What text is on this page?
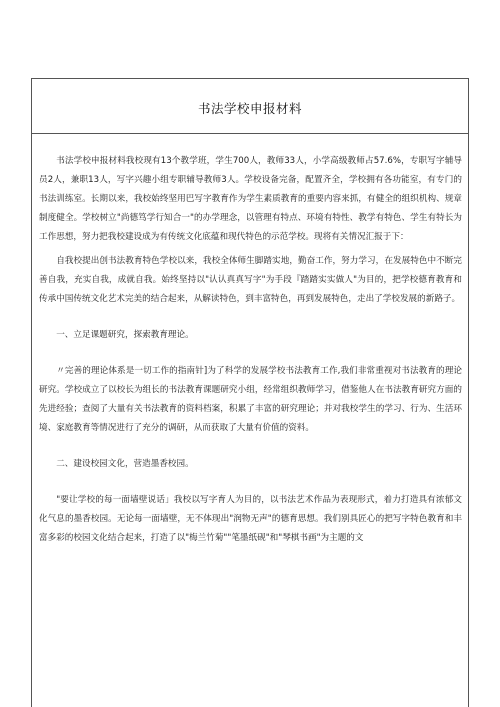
书法学校申报材料

书法学校申报材料我校现有13个教学班，学生700人，教师33人，小学高级教师占57.6%，专职写字辅导员2人，兼职13人，写字兴趣小组专职辅导教师3人。学校设备完备，配置齐全，学校拥有各功能室，有专门的书法训练室。长期以来，我校始终坚用巴写字教育作为学生素质教育的重要内容来抓，有健全的组织机构、规章制度健全。学校树立"尚德笃学行知合一"的办学理念，以管理有特点、环境有特性、教学有特色、学生有特长为工作思想，努力把我校建设成为有传统文化底蕴和现代特色的示范学校。现将有关情况汇报于下：

自我校提出创书法教育特色学校以来，我校全体师生脚踏实地，勤奋工作，努力学习，在发展特色中不断完善自我，充实自我，成就自我。始终坚持以"认认真真写字"为手段『踏踏实实做人"为目的，把学校德育教育和传承中国传统文化艺术完美的结合起来，从解读特色，到丰富特色，再到发展特色，走出了学校发展的新路子。

一、立足课题研究，探索教育理论。

〃完善的理论体系是一切工作的指南针]为了科学的发展学校书法教育工作,我们非常重视对书法教育的理论研究。学校成立了以校长为组长的书法教育课题研究小组，经常组织教师学习，借鉴他人在书法教育研究方面的先进经验；查阅了大量有关书法教育的资料档案，积累了丰富的研究理论；并对我校学生的学习、行为、生活环境、家庭教育等情况进行了充分的调研，从而获取了大量有价值的资料。

二、建设校园文化，营造墨香校园。

"要让学校的每一面墙壁说话」我校以写字育人为目的，以书法艺术作品为表现形式，着力打造具有浓郁文化气息的墨香校园。无论每一面墙壁，无不体现出"润物无声"的德育思想。我们别具匠心的把写字特色教育和丰富多彩的校园文化结合起来，打造了以"梅兰竹菊""笔墨纸砚"和"琴棋书画"为主题的文
